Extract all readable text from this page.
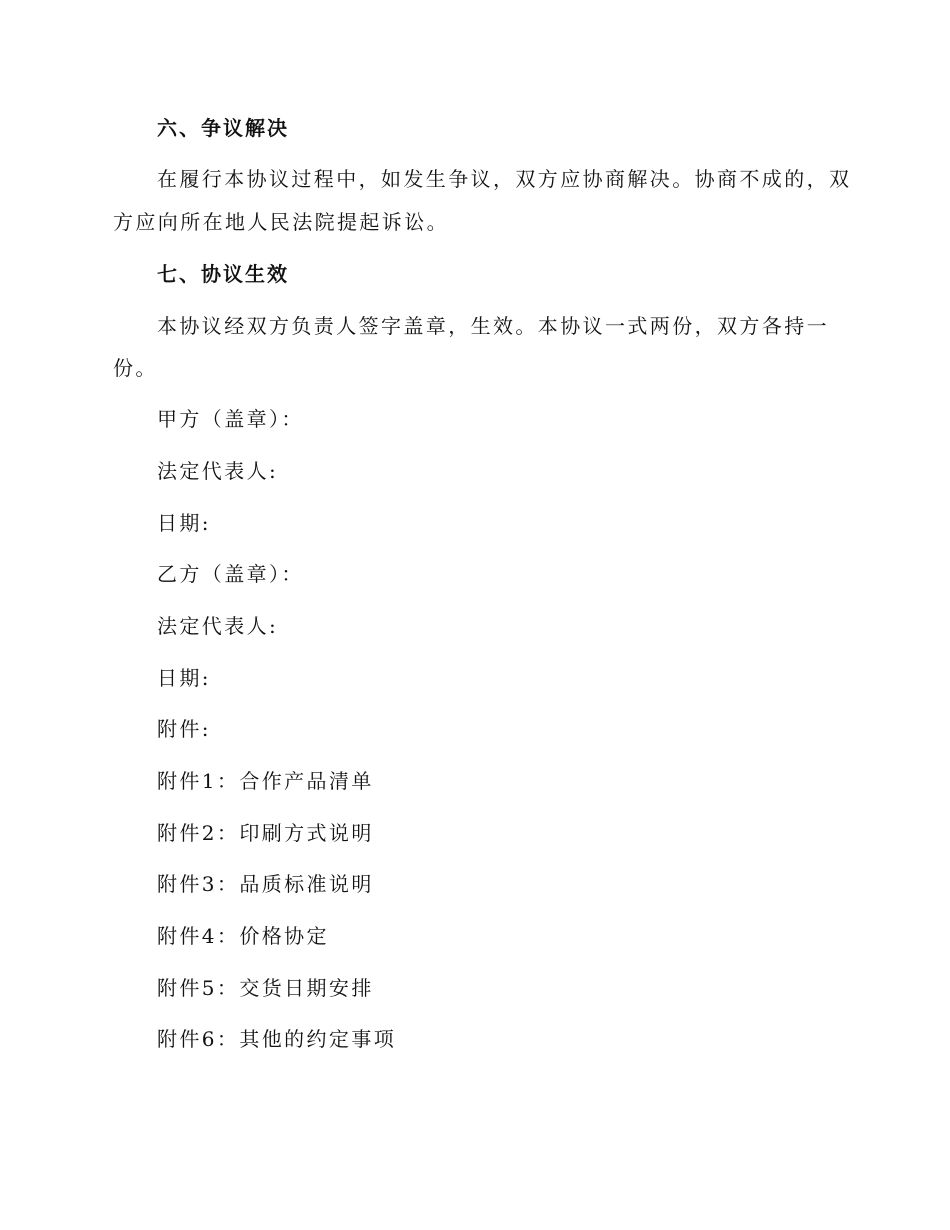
六、争议解决
在履行本协议过程中，如发生争议，双方应协商解决。协商不成的，双
方应向所在地人民法院提起诉讼。
七、协议生效
本协议经双方负责人签字盖章，生效。本协议一式两份，双方各持一
份。
甲方（盖章）：
法定代表人:
日期:
乙方（盖章）：
法定代表人:
日期:
附件:
附件1：合作产品清单
附件2：印刷方式说明
附件3：品质标准说明
附件4：价格协定
附件5：交货日期安排
附件6：其他的约定事项
